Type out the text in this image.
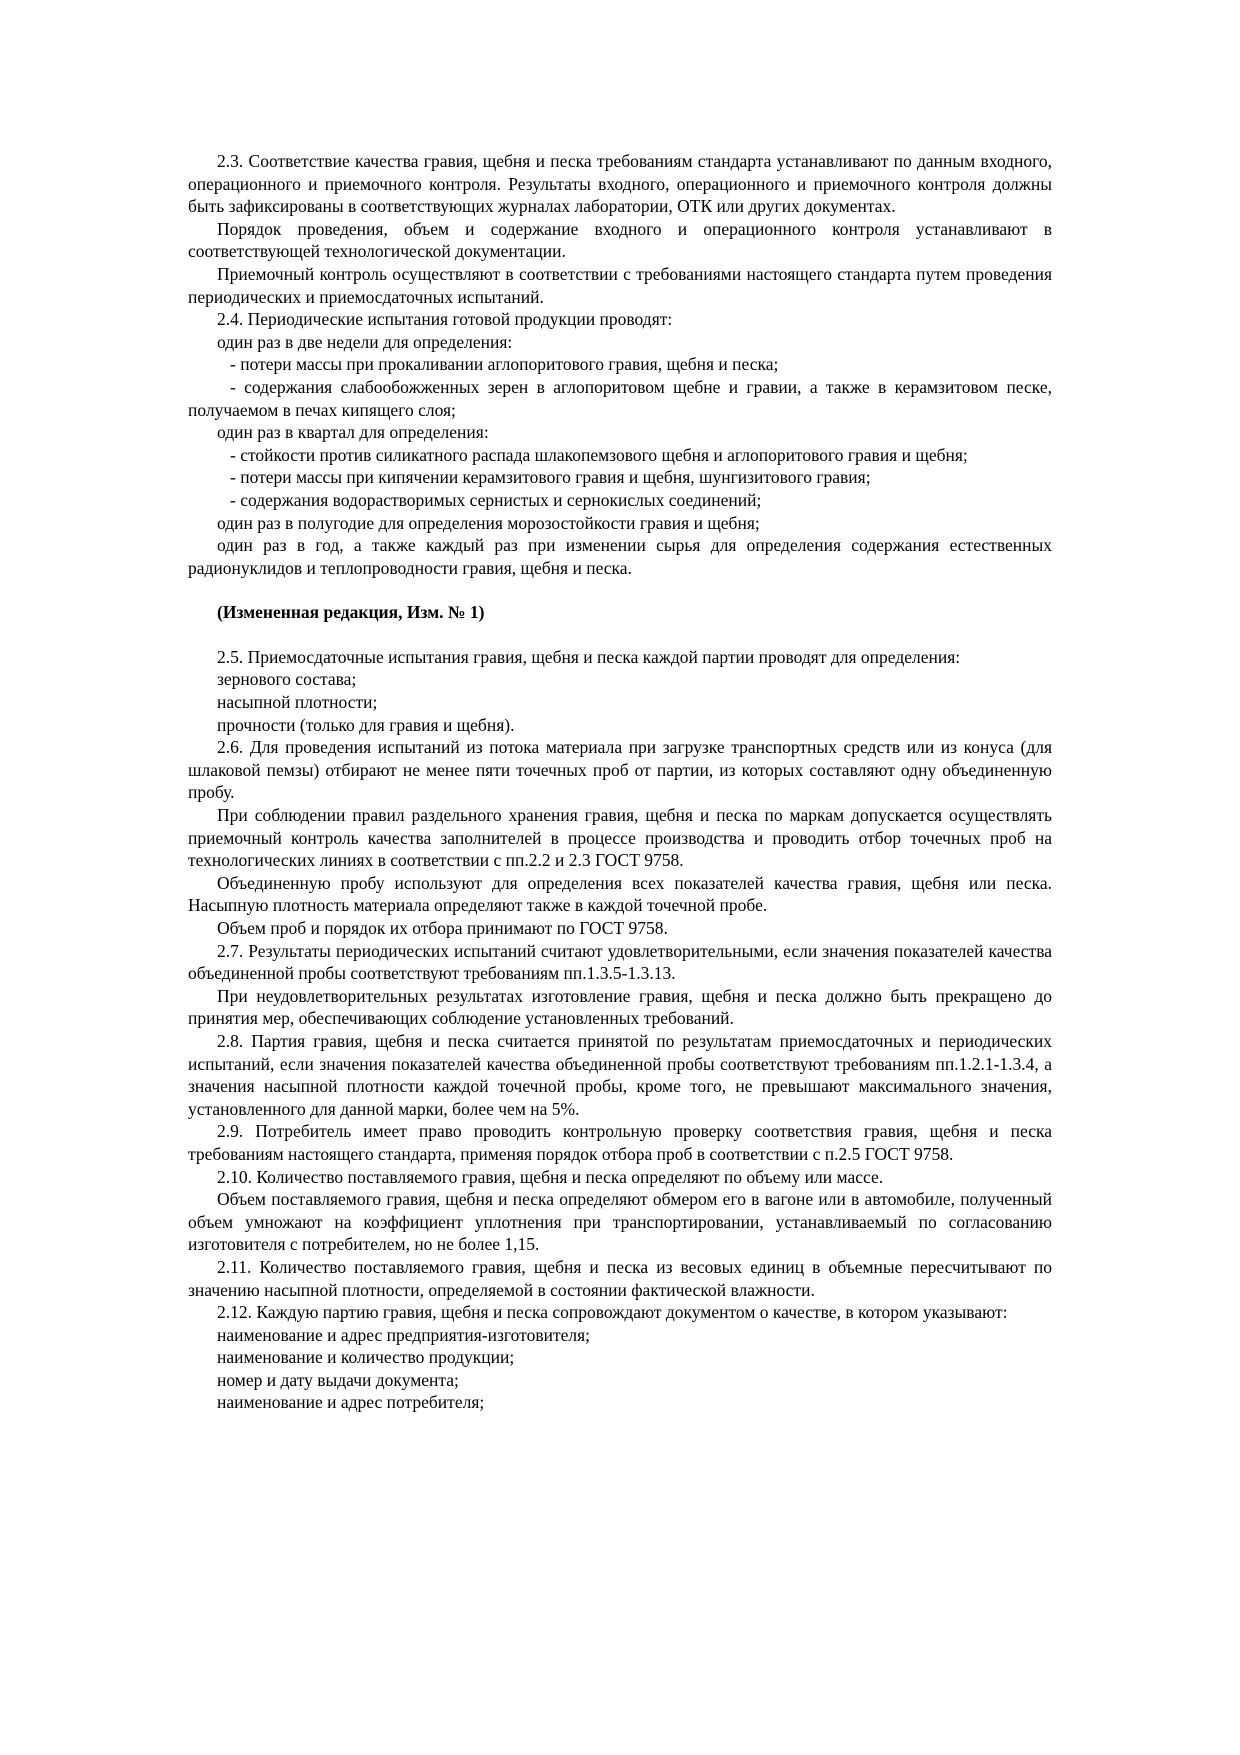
2.3. Соответствие качества гравия, щебня и песка требованиям стандарта устанавливают по данным входного, операционного и приемочного контроля. Результаты входного, операционного и приемочного контроля должны быть зафиксированы в соответствующих журналах лаборатории, ОТК или других документах.

Порядок проведения, объем и содержание входного и операционного контроля устанавливают в соответствующей технологической документации.

Приемочный контроль осуществляют в соответствии с требованиями настоящего стандарта путем проведения периодических и приемосдаточных испытаний.

2.4. Периодические испытания готовой продукции проводят:

один раз в две недели для определения:

- потери массы при прокаливании аглопоритового гравия, щебня и песка;

- содержания слабообожженных зерен в аглопоритовом щебне и гравии, а также в керамзитовом песке, получаемом в печах кипящего слоя;

один раз в квартал для определения:

- стойкости против силикатного распада шлакопемзового щебня и аглопоритового гравия и щебня;

- потери массы при кипячении керамзитового гравия и щебня, шунгизитового гравия;

- содержания водорастворимых сернистых и сернокислых соединений;

один раз в полугодие для определения морозостойкости гравия и щебня;

один раз в год, а также каждый раз при изменении сырья для определения содержания естественных радионуклидов и теплопроводности гравия, щебня и песка.

(Измененная редакция, Изм. № 1)

2.5. Приемосдаточные испытания гравия, щебня и песка каждой партии проводят для определения:

зернового состава;

насыпной плотности;

прочности (только для гравия и щебня).

2.6. Для проведения испытаний из потока материала при загрузке транспортных средств или из конуса (для шлаковой пемзы) отбирают не менее пяти точечных проб от партии, из которых составляют одну объединенную пробу.

При соблюдении правил раздельного хранения гравия, щебня и песка по маркам допускается осуществлять приемочный контроль качества заполнителей в процессе производства и проводить отбор точечных проб на технологических линиях в соответствии с пп.2.2 и 2.3 ГОСТ 9758.

Объединенную пробу используют для определения всех показателей качества гравия, щебня или песка. Насыпную плотность материала определяют также в каждой точечной пробе.

Объем проб и порядок их отбора принимают по ГОСТ 9758.

2.7. Результаты периодических испытаний считают удовлетворительными, если значения показателей качества объединенной пробы соответствуют требованиям пп.1.3.5-1.3.13.

При неудовлетворительных результатах изготовление гравия, щебня и песка должно быть прекращено до принятия мер, обеспечивающих соблюдение установленных требований.

2.8. Партия гравия, щебня и песка считается принятой по результатам приемосдаточных и периодических испытаний, если значения показателей качества объединенной пробы соответствуют требованиям пп.1.2.1-1.3.4, а значения насыпной плотности каждой точечной пробы, кроме того, не превышают максимального значения, установленного для данной марки, более чем на 5%.

2.9. Потребитель имеет право проводить контрольную проверку соответствия гравия, щебня и песка требованиям настоящего стандарта, применяя порядок отбора проб в соответствии с п.2.5 ГОСТ 9758.

2.10. Количество поставляемого гравия, щебня и песка определяют по объему или массе.

Объем поставляемого гравия, щебня и песка определяют обмером его в вагоне или в автомобиле, полученный объем умножают на коэффициент уплотнения при транспортировании, устанавливаемый по согласованию изготовителя с потребителем, но не более 1,15.

2.11. Количество поставляемого гравия, щебня и песка из весовых единиц в объемные пересчитывают по значению насыпной плотности, определяемой в состоянии фактической влажности.

2.12. Каждую партию гравия, щебня и песка сопровождают документом о качестве, в котором указывают:

наименование и адрес предприятия-изготовителя;

наименование и количество продукции;

номер и дату выдачи документа;

наименование и адрес потребителя;
